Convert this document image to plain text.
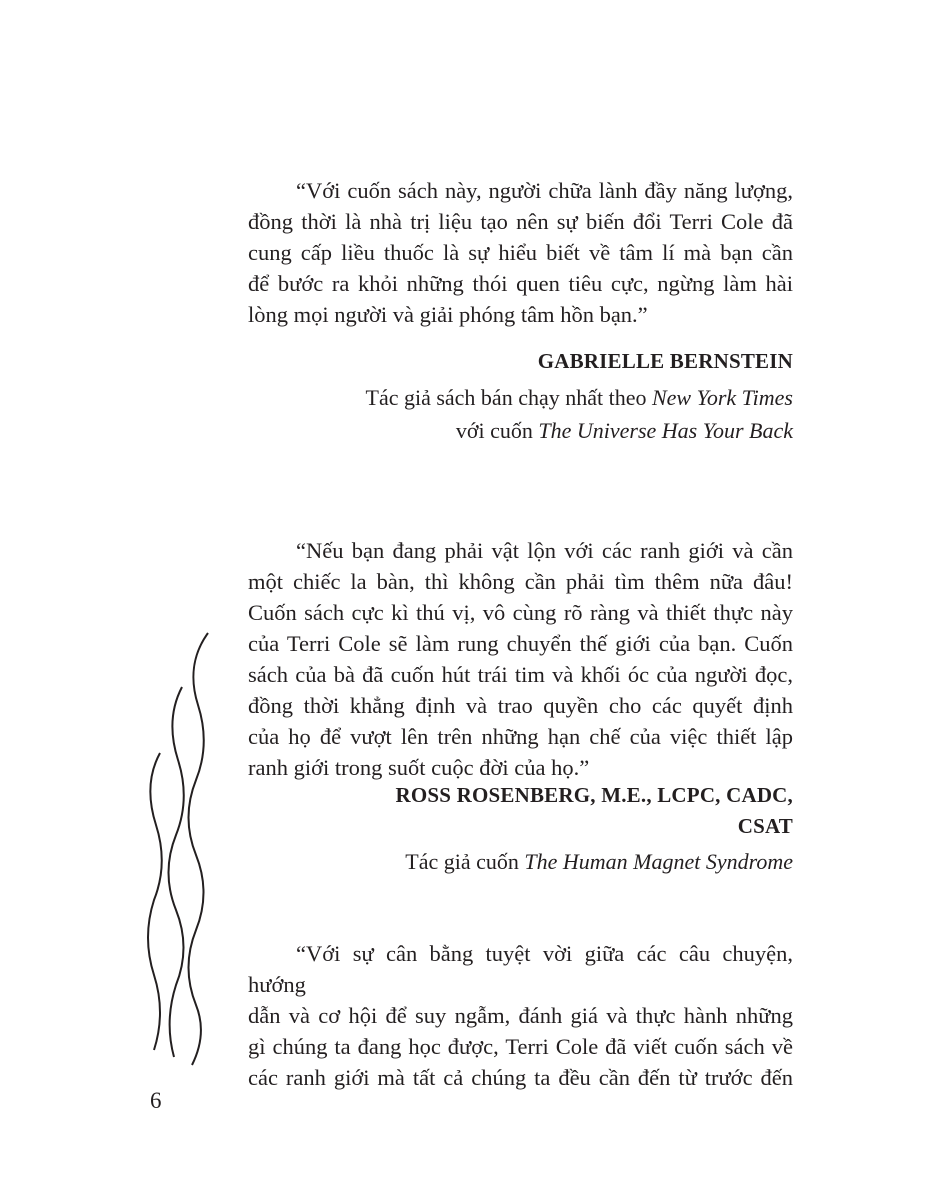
“Với cuốn sách này, người chữa lành đầy năng lượng,
đồng thời là nhà trị liệu tạo nên sự biến đổi Terri Cole đã
cung cấp liều thuốc là sự hiểu biết về tâm lí mà bạn cần
để bước ra khỏi những thói quen tiêu cực, ngừng làm hài
lòng mọi người và giải phóng tâm hồn bạn.”
GABRIELLE BERNSTEIN
Tác giả sách bán chạy nhất theo New York Times
với cuốn The Universe Has Your Back
“Nếu bạn đang phải vật lộn với các ranh giới và cần
một chiếc la bàn, thì không cần phải tìm thêm nữa đâu!
Cuốn sách cực kì thú vị, vô cùng rõ ràng và thiết thực này
của Terri Cole sẽ làm rung chuyển thế giới của bạn. Cuốn
sách của bà đã cuốn hút trái tim và khối óc của người đọc,
đồng thời khẳng định và trao quyền cho các quyết định
của họ để vượt lên trên những hạn chế của việc thiết lập
ranh giới trong suốt cuộc đời của họ.”
ROSS ROSENBERG, M.E., LCPC, CADC,
CSAT
Tác giả cuốn The Human Magnet Syndrome
“Với sự cân bằng tuyệt vời giữa các câu chuyện, hướng
dẫn và cơ hội để suy ngẫm, đánh giá và thực hành những
gì chúng ta đang học được, Terri Cole đã viết cuốn sách về
các ranh giới mà tất cả chúng ta đều cần đến từ trước đến
6
